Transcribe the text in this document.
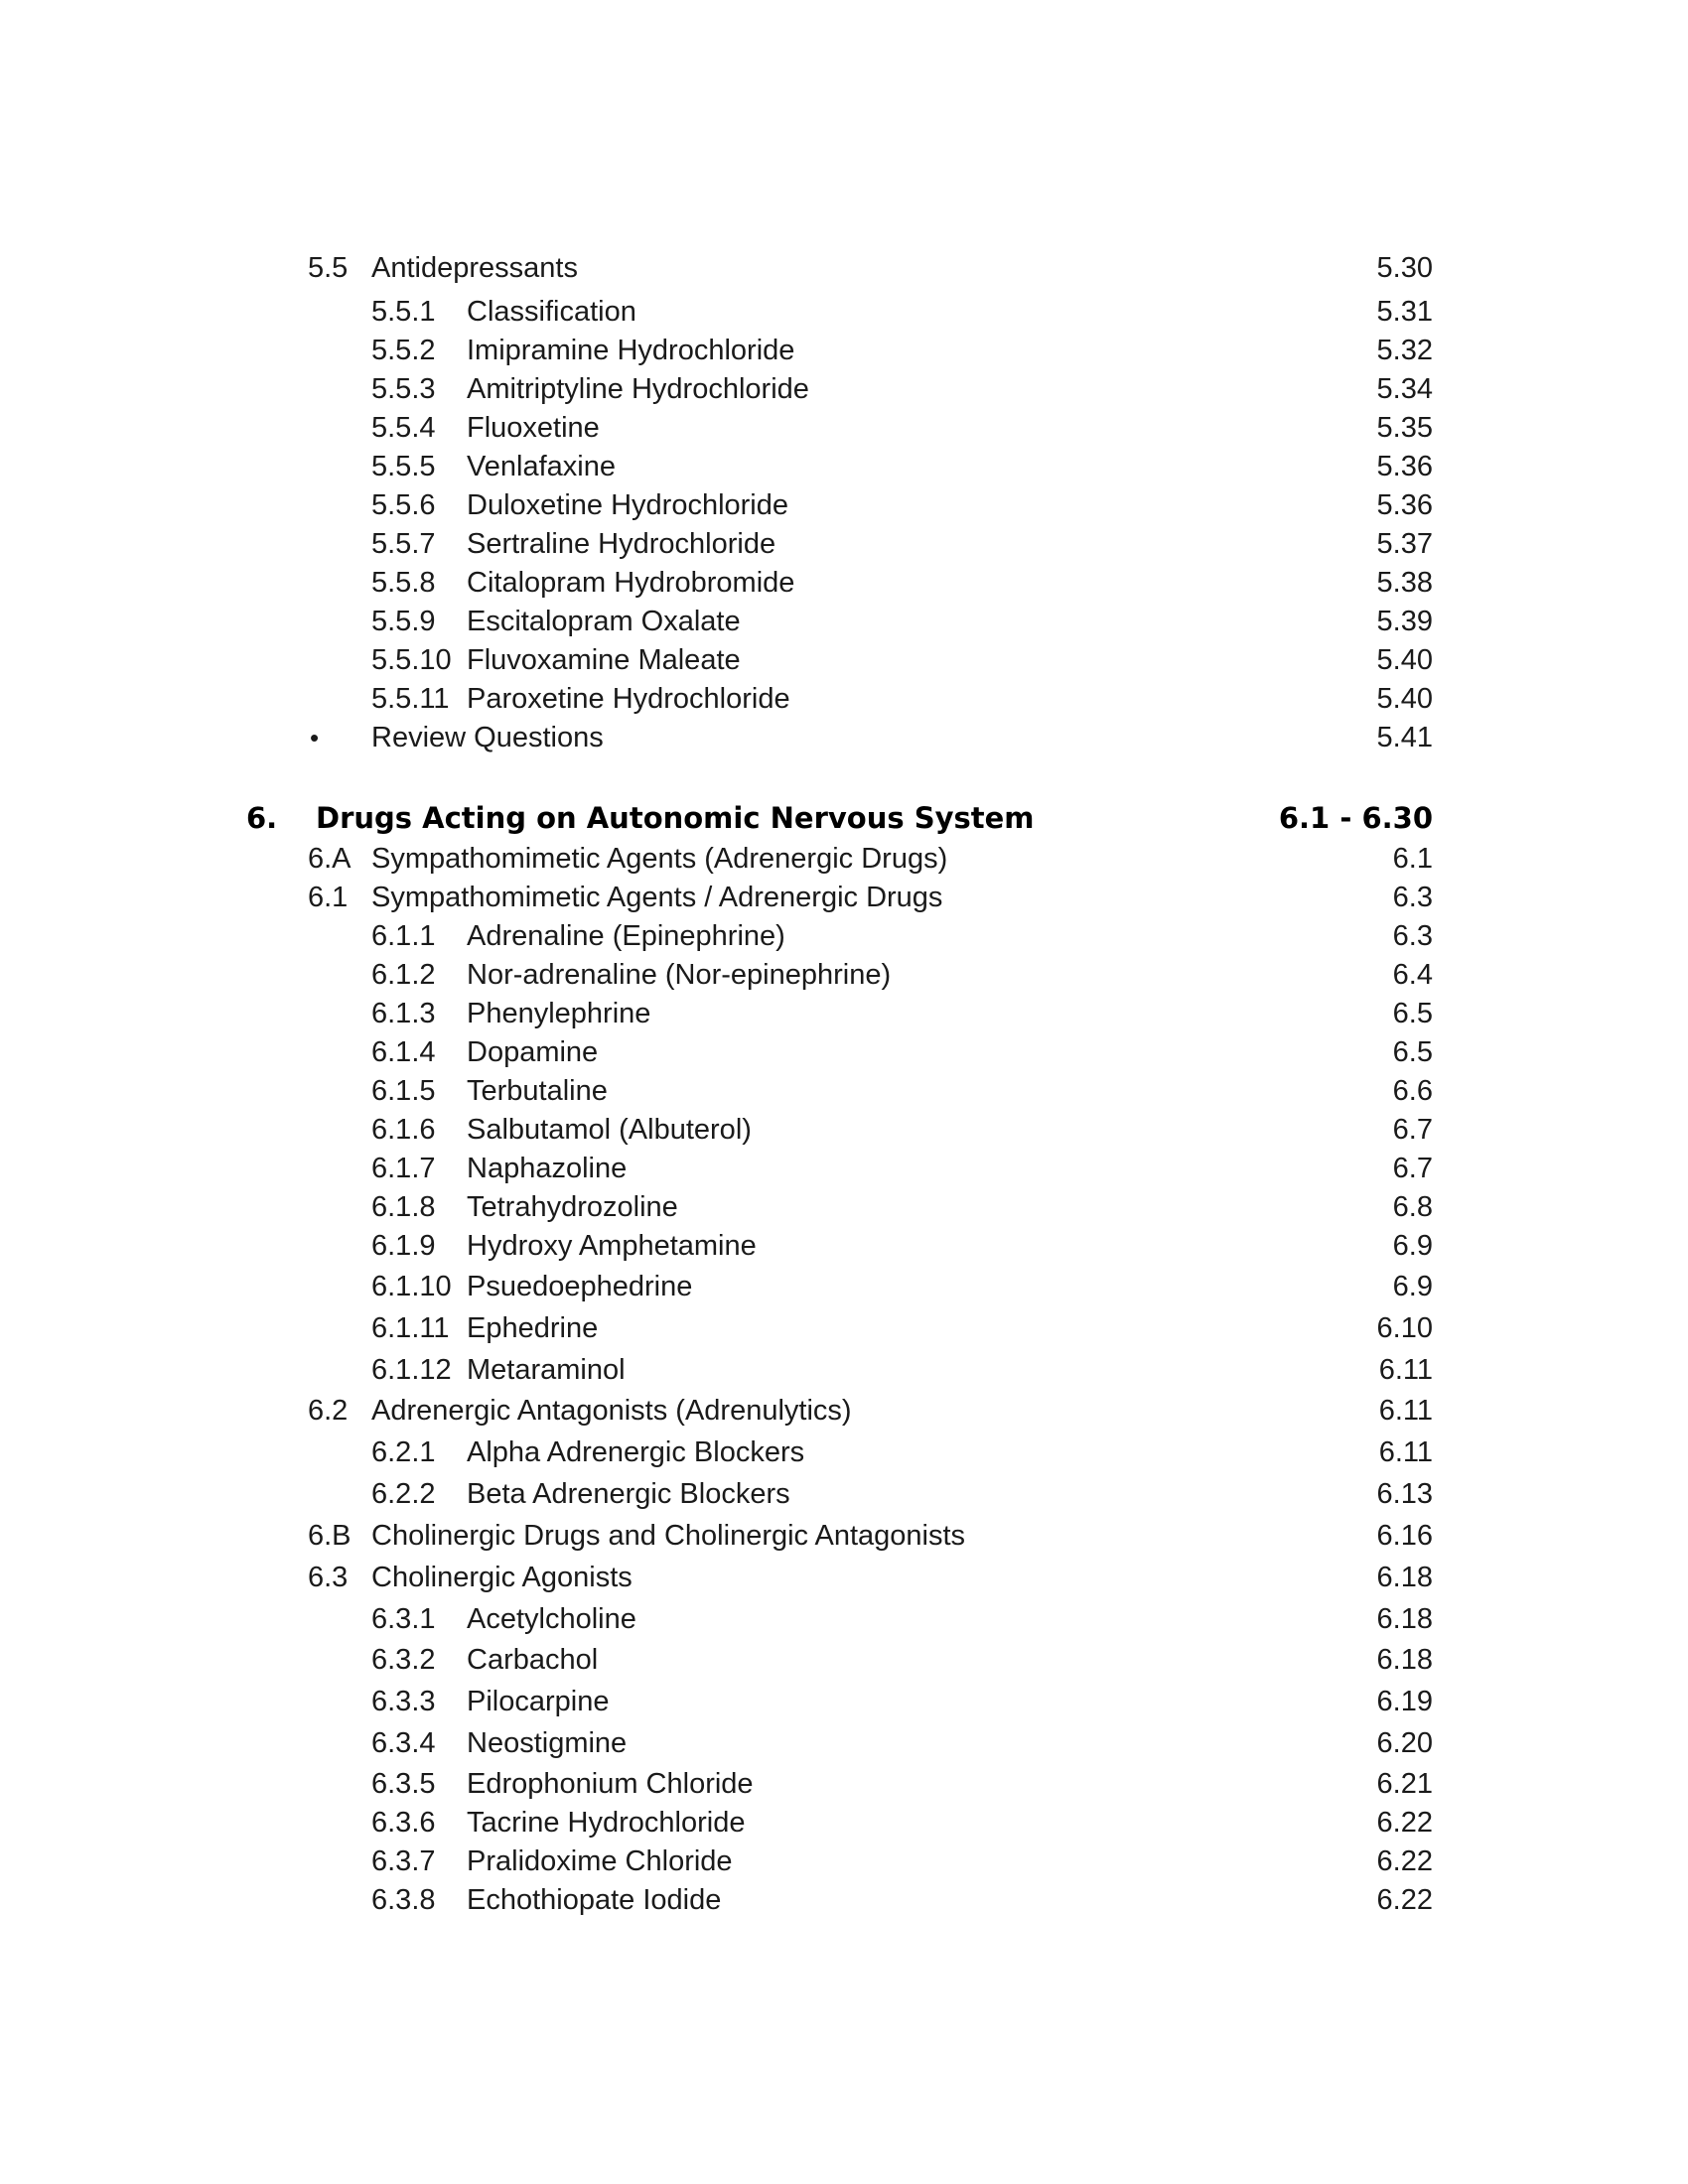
5.5 Antidepressants	5.30
5.5.1 Classification	5.31
5.5.2 Imipramine Hydrochloride	5.32
5.5.3 Amitriptyline Hydrochloride	5.34
5.5.4 Fluoxetine	5.35
5.5.5 Venlafaxine	5.36
5.5.6 Duloxetine Hydrochloride	5.36
5.5.7 Sertraline Hydrochloride	5.37
5.5.8 Citalopram Hydrobromide	5.38
5.5.9 Escitalopram Oxalate	5.39
5.5.10 Fluvoxamine Maleate	5.40
5.5.11 Paroxetine Hydrochloride	5.40
• Review Questions	5.41
6. Drugs Acting on Autonomic Nervous System	6.1 - 6.30
6.A Sympathomimetic Agents (Adrenergic Drugs)	6.1
6.1 Sympathomimetic Agents / Adrenergic Drugs	6.3
6.1.1 Adrenaline (Epinephrine)	6.3
6.1.2 Nor-adrenaline (Nor-epinephrine)	6.4
6.1.3 Phenylephrine	6.5
6.1.4 Dopamine	6.5
6.1.5 Terbutaline	6.6
6.1.6 Salbutamol (Albuterol)	6.7
6.1.7 Naphazoline	6.7
6.1.8 Tetrahydrozoline	6.8
6.1.9 Hydroxy Amphetamine	6.9
6.1.10 Psuedoephedrine	6.9
6.1.11 Ephedrine	6.10
6.1.12 Metaraminol	6.11
6.2 Adrenergic Antagonists (Adrenulytics)	6.11
6.2.1 Alpha Adrenergic Blockers	6.11
6.2.2 Beta Adrenergic Blockers	6.13
6.B Cholinergic Drugs and Cholinergic Antagonists	6.16
6.3 Cholinergic Agonists	6.18
6.3.1 Acetylcholine	6.18
6.3.2 Carbachol	6.18
6.3.3 Pilocarpine	6.19
6.3.4 Neostigmine	6.20
6.3.5 Edrophonium Chloride	6.21
6.3.6 Tacrine Hydrochloride	6.22
6.3.7 Pralidoxime Chloride	6.22
6.3.8 Echothiopate Iodide	6.22
